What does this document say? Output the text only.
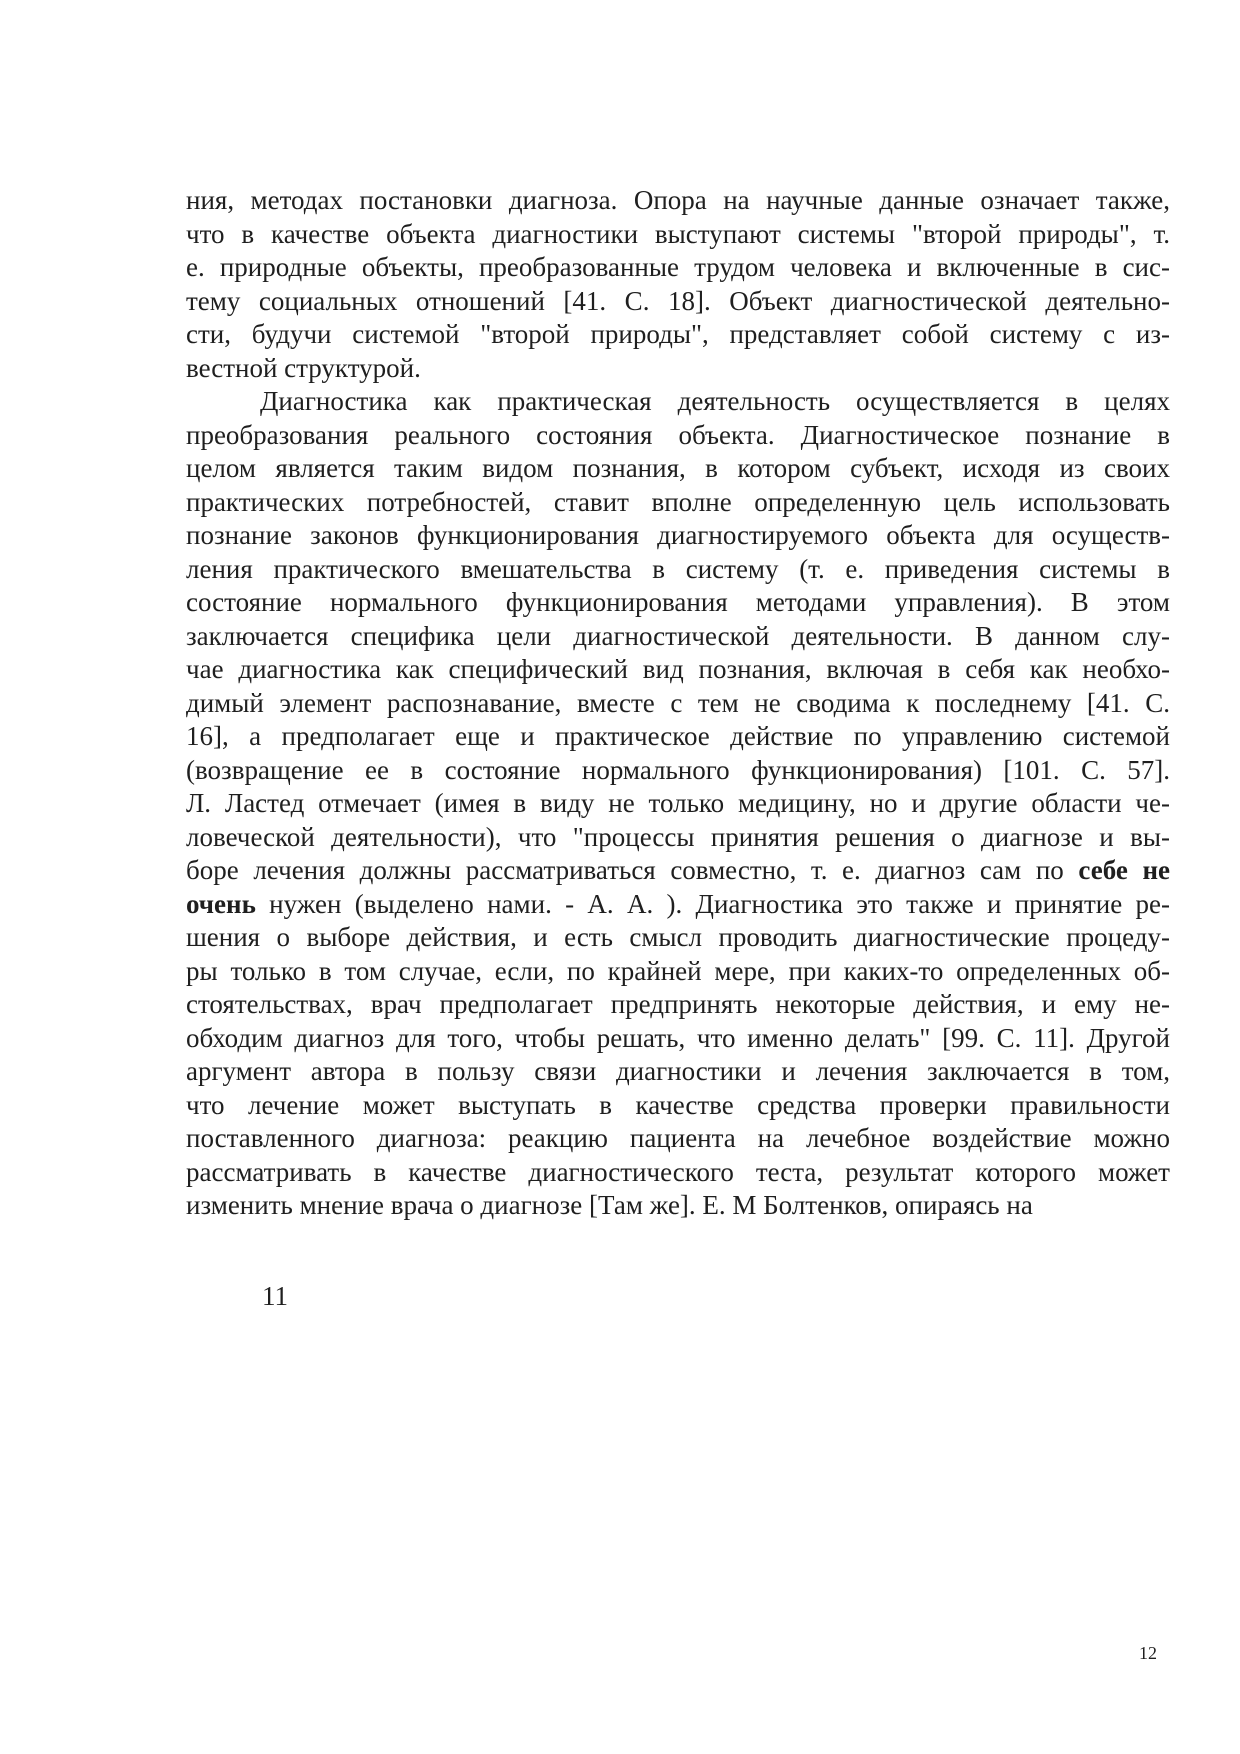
ния, методах постановки диагноза. Опора на научные данные означает также,
что в качестве объекта диагностики выступают системы "второй природы", т.
е. природные объекты, преобразованные трудом человека и включенные в сис-
тему социальных отношений [41. С. 18]. Объект диагностической деятельно-
сти, будучи системой "второй природы", представляет собой систему с из-
вестной структурой.

Диагностика как практическая деятельность осуществляется в целях
преобразования реального состояния объекта. Диагностическое познание в
целом является таким видом познания, в котором субъект, исходя из своих
практических потребностей, ставит вполне определенную цель использовать
познание законов функционирования диагностируемого объекта для осуществ-
ления практического вмешательства в систему (т. е. приведения системы в
состояние нормального функционирования методами управления). В этом
заключается специфика цели диагностической деятельности. В данном слу-
чае диагностика как специфический вид познания, включая в себя как необхо-
димый элемент распознавание, вместе с тем не сводима к последнему [41. С.
16], а предполагает еще и практическое действие по управлению системой
(возвращение ее в состояние нормального функционирования) [101. С. 57].
Л. Ластед отмечает (имея в виду не только медицину, но и другие области че-
ловеческой деятельности), что "процессы принятия решения о диагнозе и вы-
боре лечения должны рассматриваться совместно, т. е. диагноз сам по себе не
очень нужен (выделено нами. - А. А. ). Диагностика это также и принятие ре-
шения о выборе действия, и есть смысл проводить диагностические процеду-
ры только в том случае, если, по крайней мере, при каких-то определенных об-
стоятельствах, врач предполагает предпринять некоторые действия, и ему не-
обходим диагноз для того, чтобы решать, что именно делать" [99. С. 11]. Другой
аргумент автора в пользу связи диагностики и лечения заключается в том,
что лечение может выступать в качестве средства проверки правильности
поставленного диагноза: реакцию пациента на лечебное воздействие можно
рассматривать в качестве диагностического теста, результат которого может
изменить мнение врача о диагнозе [Там же]. Е. М Болтенков, опираясь на

11
12
